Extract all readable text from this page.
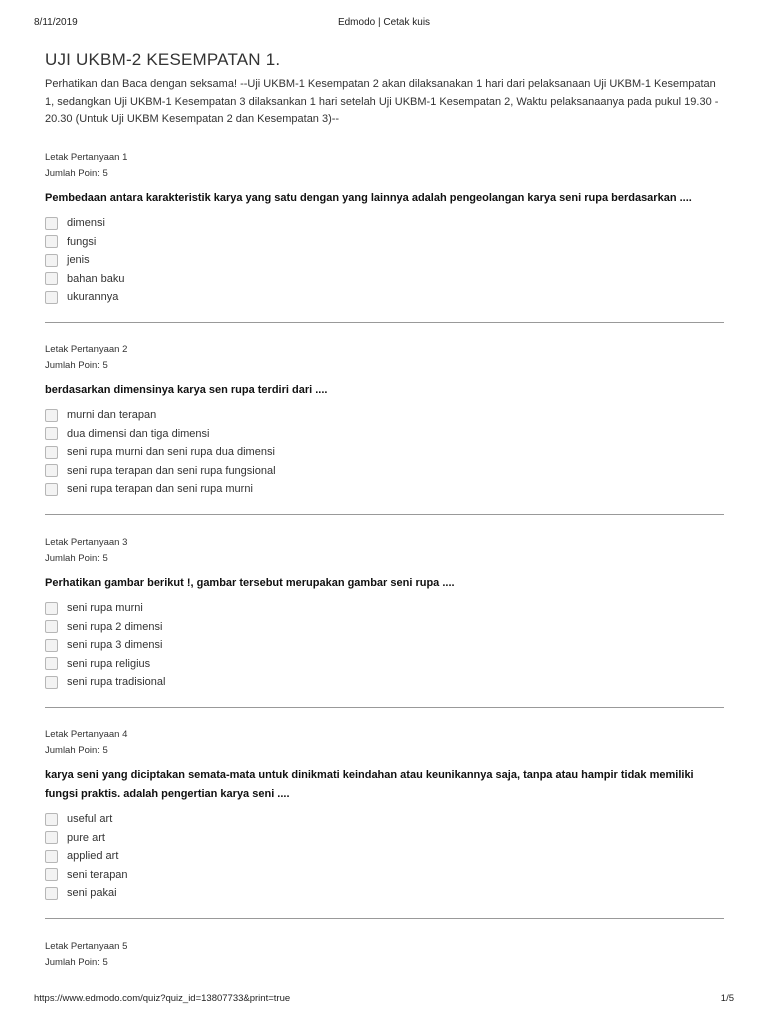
8/11/2019	Edmodo | Cetak kuis
UJI UKBM-2 KESEMPATAN 1.

Perhatikan dan Baca dengan seksama! --Uji UKBM-1 Kesempatan 2 akan dilaksanakan 1 hari dari pelaksanaan Uji UKBM-1 Kesempatan 1, sedangkan Uji UKBM-1 Kesempatan 3 dilaksankan 1 hari setelah Uji UKBM-1 Kesempatan 2, Waktu pelaksanaanya pada pukul 19.30 - 20.30 (Untuk Uji UKBM Kesempatan 2 dan Kesempatan 3)--

Letak Pertanyaan 1
Jumlah Poin: 5
Pembedaan antara karakteristik karya yang satu dengan yang lainnya adalah pengeolangan karya seni rupa berdasarkan ....
dimensi
fungsi
jenis
bahan baku
ukurannya
Letak Pertanyaan 2
Jumlah Poin: 5
berdasarkan dimensinya karya sen rupa terdiri dari ....
murni dan terapan
dua dimensi dan tiga dimensi
seni rupa murni dan seni rupa dua dimensi
seni rupa terapan dan seni rupa fungsional
seni rupa terapan dan seni rupa murni
Letak Pertanyaan 3
Jumlah Poin: 5
Perhatikan gambar berikut !, gambar tersebut merupakan gambar seni rupa ....
seni rupa murni
seni rupa 2 dimensi
seni rupa 3 dimensi
seni rupa religius
seni rupa tradisional
Letak Pertanyaan 4
Jumlah Poin: 5
karya seni yang diciptakan semata-mata untuk dinikmati keindahan atau keunikannya saja, tanpa atau hampir tidak memiliki fungsi praktis. adalah pengertian karya seni ....
useful art
pure art
applied art
seni terapan
seni pakai
Letak Pertanyaan 5
Jumlah Poin: 5
https://www.edmodo.com/quiz?quiz_id=13807733&print=true	1/5
